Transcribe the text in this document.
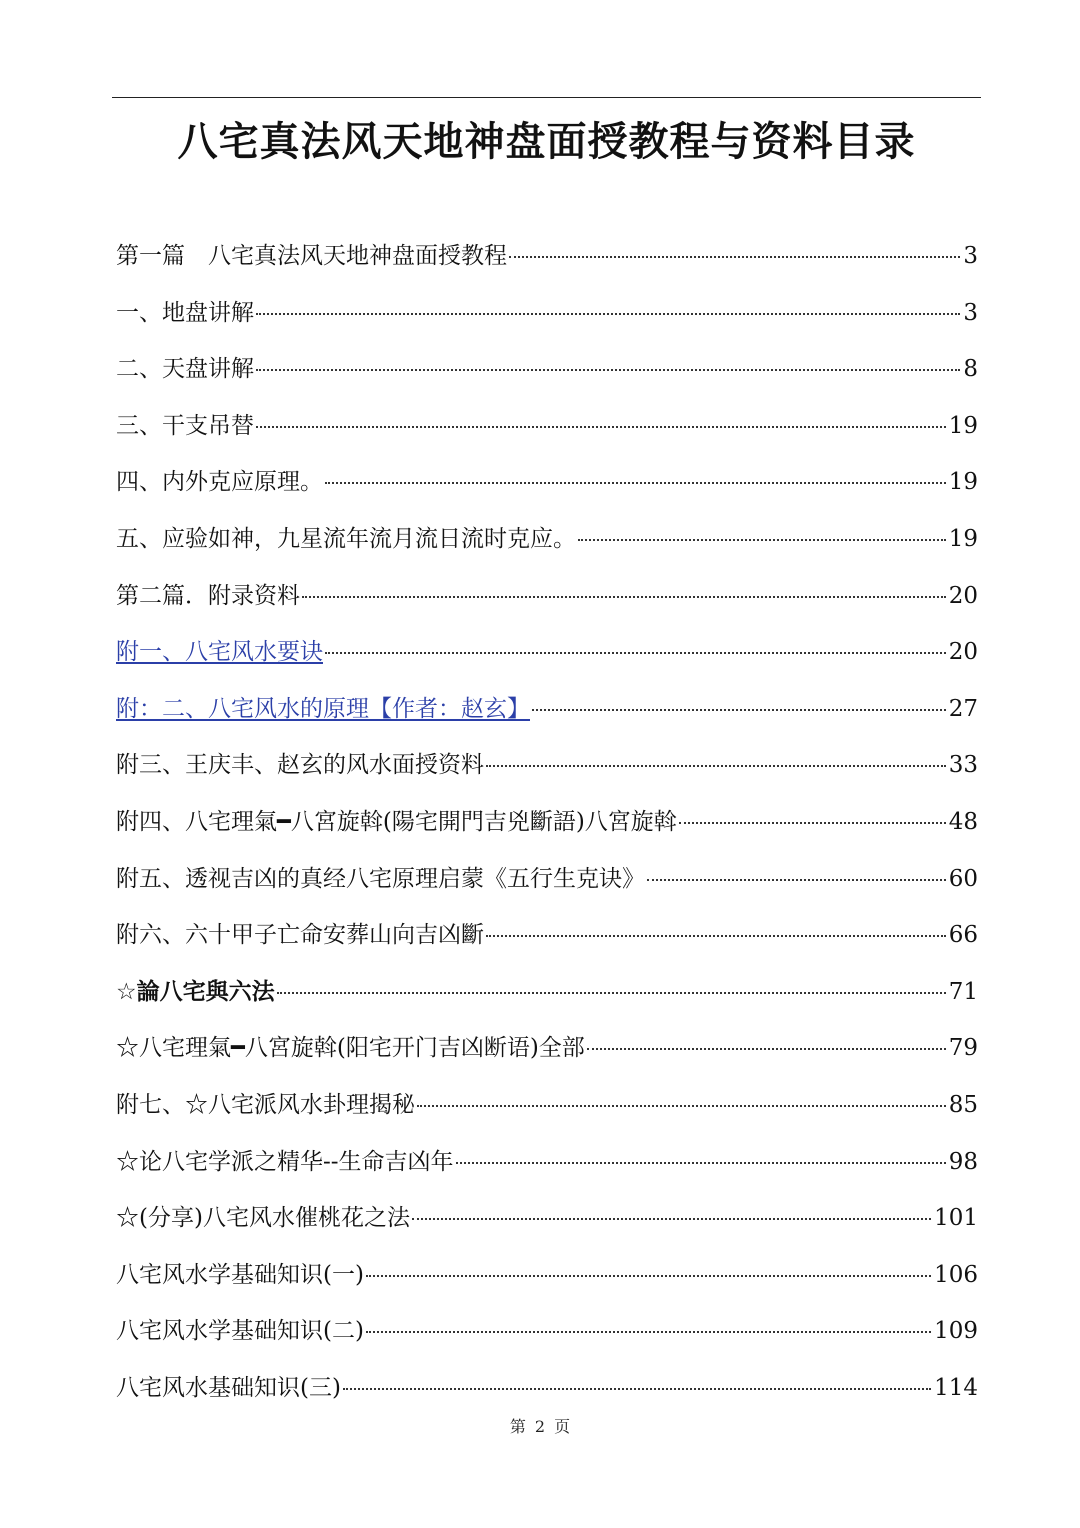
八宅真法风天地神盘面授教程与资料目录
第一篇　八宅真法风天地神盘面授教程	3
一、地盘讲解	3
二、天盘讲解	8
三、干支吊替	19
四、内外克应原理。	19
五、应验如神，九星流年流月流日流时克应。	19
第二篇．附录资料	20
附一、八宅风水要诀	20
附：二、八宅风水的原理【作者：赵玄】	27
附三、王庆丰、赵玄的风水面授资料	33
附四、八宅理氣━八宮旋斡(陽宅開門吉兇斷語)八宮旋斡	48
附五、透视吉凶的真经八宅原理启蒙《五行生克诀》	60
附六、六十甲子亡命安葬山向吉凶斷	66
☆論八宅與六法	71
☆八宅理氣━八宮旋斡(阳宅开门吉凶断语)全部	79
附七、☆八宅派风水卦理揭秘	85
☆论八宅学派之精华--生命吉凶年	98
☆(分享)八宅风水催桃花之法	101
八宅风水学基础知识(一)	106
八宅风水学基础知识(二)	109
八宅风水基础知识(三)	114
第 2 页
